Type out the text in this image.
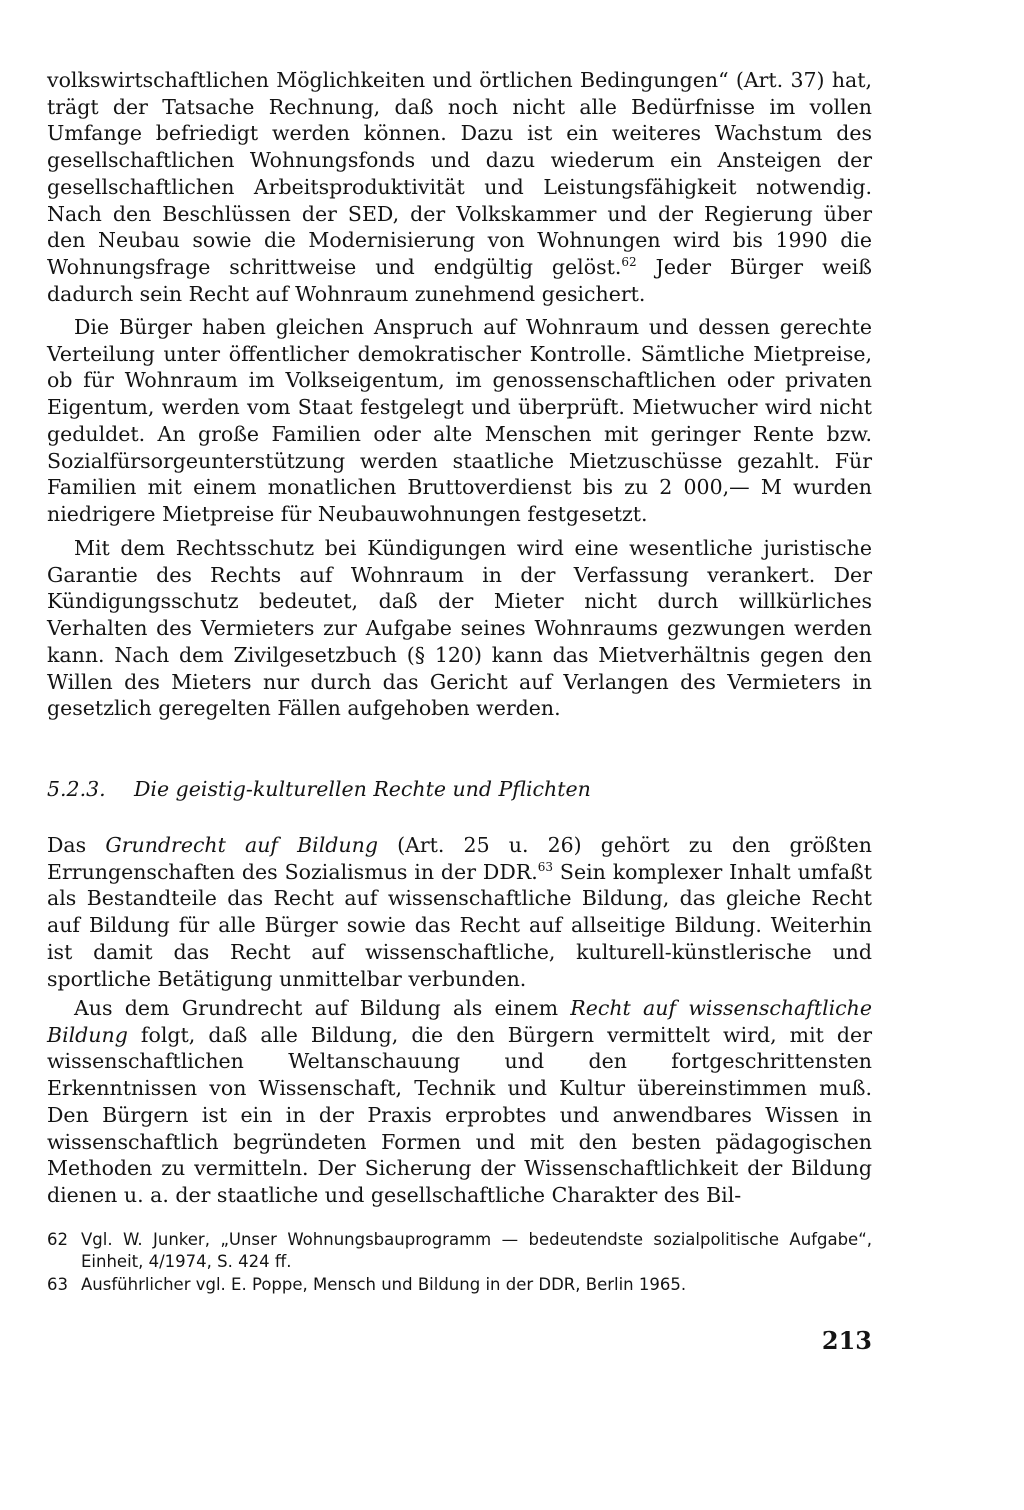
volkswirtschaftlichen Möglichkeiten und örtlichen Bedingungen“ (Art. 37) hat, trägt der Tatsache Rechnung, daß noch nicht alle Bedürfnisse im vollen Umfange befriedigt werden können. Dazu ist ein weiteres Wachstum des gesellschaftlichen Wohnungsfonds und dazu wiederum ein Ansteigen der gesellschaftlichen Arbeitsproduktivität und Leistungsfähigkeit notwendig. Nach den Beschlüssen der SED, der Volkskammer und der Regierung über den Neubau sowie die Modernisierung von Wohnungen wird bis 1990 die Wohnungsfrage schrittweise und endgültig gelöst.$^{62}$ Jeder Bürger weiß dadurch sein Recht auf Wohnraum zunehmend gesichert.

Die Bürger haben gleichen Anspruch auf Wohnraum und dessen gerechte Verteilung unter öffentlicher demokratischer Kontrolle. Sämtliche Mietpreise, ob für Wohnraum im Volkseigentum, im genossenschaftlichen oder privaten Eigentum, werden vom Staat festgelegt und überprüft. Mietwucher wird nicht geduldet. An große Familien oder alte Menschen mit geringer Rente bzw. Sozialfürsorgeunterstützung werden staatliche Mietzuschüsse gezahlt. Für Familien mit einem monatlichen Bruttoverdienst bis zu 2 000,— M wurden niedrigere Mietpreise für Neubauwohnungen festgesetzt.

Mit dem Rechtsschutz bei Kündigungen wird eine wesentliche juristische Garantie des Rechts auf Wohnraum in der Verfassung verankert. Der Kündigungsschutz bedeutet, daß der Mieter nicht durch willkürliches Verhalten des Vermieters zur Aufgabe seines Wohnraums gezwungen werden kann. Nach dem Zivilgesetzbuch (§ 120) kann das Mietverhältnis gegen den Willen des Mieters nur durch das Gericht auf Verlangen des Vermieters in gesetzlich geregelten Fällen aufgehoben werden.

5.2.3. Die geistig-kulturellen Rechte und Pflichten

Das Grundrecht auf Bildung (Art. 25 u. 26) gehört zu den größten Errungenschaften des Sozialismus in der DDR.$^{63}$ Sein komplexer Inhalt umfaßt als Bestandteile das Recht auf wissenschaftliche Bildung, das gleiche Recht auf Bildung für alle Bürger sowie das Recht auf allseitige Bildung. Weiterhin ist damit das Recht auf wissenschaftliche, kulturell-künstlerische und sportliche Betätigung unmittelbar verbunden.

Aus dem Grundrecht auf Bildung als einem Recht auf wissenschaftliche Bildung folgt, daß alle Bildung, die den Bürgern vermittelt wird, mit der wissenschaftlichen Weltanschauung und den fortgeschrittensten Erkenntnissen von Wissenschaft, Technik und Kultur übereinstimmen muß. Den Bürgern ist ein in der Praxis erprobtes und anwendbares Wissen in wissenschaftlich begründeten Formen und mit den besten pädagogischen Methoden zu vermitteln. Der Sicherung der Wissenschaftlichkeit der Bildung dienen u. a. der staatliche und gesellschaftliche Charakter des Bil-

62 Vgl. W. Junker, „Unser Wohnungsbauprogramm — bedeutendste sozialpolitische Aufgabe“, Einheit, 4/1974, S. 424 ff.
63 Ausführlicher vgl. E. Poppe, Mensch und Bildung in der DDR, Berlin 1965.
213
